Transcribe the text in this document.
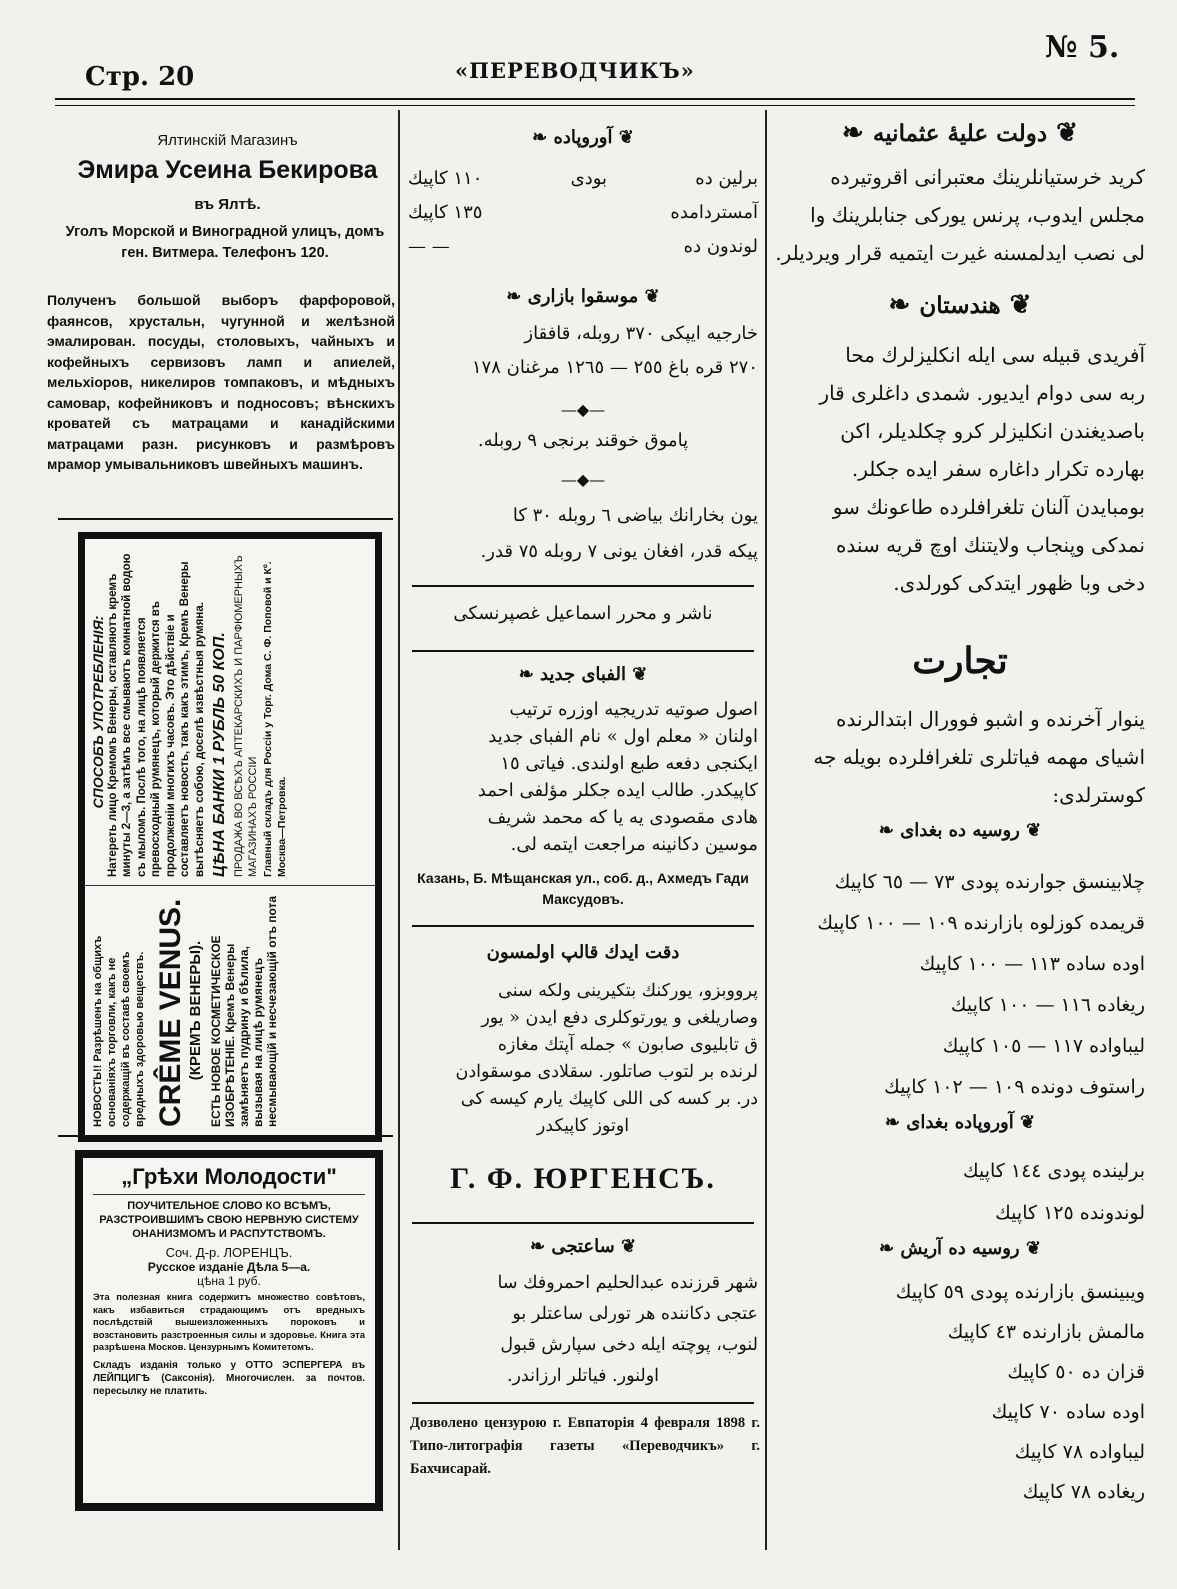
Стр. 20	«ПЕРЕВОДЧИКЪ»
№ 5.
Ялтинскій Магазинъ
Эмира Усеина Бекирова
въ Ялтѣ.
Уголъ Морской и Виноградной улицъ, домъ ген. Витмера. Телефонъ 120.
Полученъ большой выборъ фарфоровой, фаянсов, хрустальн, чугунной и желѣзной эмалирован. посуды, столовыхъ, чайныхъ и кофейныхъ сервизовъ ламп и апиелей, мельхіоров, никелиров томпаковъ, и мѣдныхъ самовар, кофейниковъ и подносовъ; вѣнскихъ кроватей съ матрацами и канадійскими матрацами разн. рисунковъ и размѣровъ мрамор умывальниковъ швейныхъ машинъ.
НОВОСТЬ!! Разрѣшенъ на общихъ основаніяхъ торговли, какъ не содержащій въ составѣ своемъ вредныхъ здоровью веществъ. CRÊME VENUS. (КРЕМЪ ВЕНЕРЫ). ЕСТЬ НОВОЕ КОСМЕТИЧЕСКОЕ ИЗОБРѢТЕНІЕ. Кремъ Венеры замѣняетъ пудрину и бѣлила, вызывая на лицѣ румянецъ несмывающій и несчезающій отъ пота
СПОСОБЪ УПОТРЕБЛЕНІЯ: Натереть лицо Кремомъ Венеры, оставляютъ кремъ минуты 2—3, а затѣмъ все смываютъ комнатной водою съ мыломъ. Послѣ того, на лицѣ появляется превосходный румянецъ, который держится въ продолженіи многихъ часовъ. Это дѣйствіе и составляетъ новость, такъ какъ этимъ, Кремъ Венеры вытѣсняетъ собою, доселѣ извѣстныя румяна. ЦѢНА БАНКИ 1 РУБЛЬ 50 КОП. ПРОДАЖА ВО ВСѢХЪ АПТЕКАРСКИХЪ И ПАРФЮМЕРНЫХЪ МАГАЗИНАХЪ РОССІИ Главный складъ для Россіи у Торг. Дома С. Ф. Поповой и Кº. Москва—Петровка.
„Грѣхи Молодости"
ПОУЧИТЕЛЬНОЕ СЛОВО КО ВСѢМЪ, РАЗСТРОИВШИМЪ СВОЮ НЕРВНУЮ СИСТЕМУ ОНАНИЗМОМЪ И РАСПУТСТВОМЪ.
Соч. Д-р. ЛОРЕНЦЪ.
Русское изданіе Дѣла 5—а.
цѣна 1 руб.
Эта полезная книга содержитъ множество совѣтовъ, какъ избавиться страдающимъ отъ вредныхъ послѣдствій вышеизложенныхъ пороковъ и возстановить разстроенныя силы и здоровье. Книга эта разрѣшена Москов. Цензурнымъ Комитетомъ.
Складъ изданія только у ОТТО ЭСПЕРГЕРА въ ЛЕЙПЦИГѢ (Саксонія). Многочислен. за почтов. пересылку не платить.
❦ آوروپاده ❧
برلين ده
بودى
١١٠ كاپيك
آمستردامده
١٣٥ كاپيك
لوندون ده
— —
❦ موسقوا بازارى ❧
خارجيه ايپكى ٣٧٠ روبله، قافقاز
٢٧٠ قره باغ ٢٥٥ — ١٢٦٥ مرغنان ١٧٨
—◆—
پاموق خوقند برنجى ٩ روبله.
—◆—
يون بخارانك بياضى ٦ روبله ٣٠ كا
پيكه قدر، افغان يونى ٧ روبله ٧٥ قدر.
ناشر و محرر اسماعيل غصپرنسكى
❦ الفباى جديد ❧
اصول صوتيه تدريجيه اوزره ترتيب
اولنان « معلم اول » نام الفباى جديد
ايكنجى دفعه طبع اولندى. فياتى ١٥
كاپيكدر. طالب ايده جكلر مؤلفى احمد
هادى مقصودى يه يا كه محمد شريف
موسين دكانينه مراجعت ايتمه لى.
Казань, Б. Мѣщанская ул., соб. д., Ахмедъ Гади Максудовъ.
دقت ايدك قالپ اولمسون
پرووبزو، يوركنك بتكيرينى ولكه سنى
وصاريلغى و يورتوكلرى دفع ايدن « يور
ق تابليوى صابون » جمله آپتك مغازه
لرنده بر لتوب صاتلور. سقلادى موسقوادن
در. بر كسه كى اللى كاپيك يارم كيسه كى
اوتوز كاپيكدر
Г. Ф. ЮРГЕНСЪ.
❦ ساعتجى ❧
شهر قرزنده عبدالحليم احمروفك سا
عتجى دكاننده هر تورلى ساعتلر بو
لنوب، پوچته ايله دخى سپارش قبول
اولنور. فياتلر ارزاندر.
Дозволено цензурою г. Евпаторія 4 февраля 1898 г. Типо-литографія газеты «Переводчикъ» г. Бахчисарай.
❦ دولت عليهٔ عثمانيه ❧
كريد خرستيانلرينك معتبرانى اقروتيرده
مجلس ايدوب، پرنس يوركى جنابلرينك وا
لى نصب ايدلمسنه غيرت ايتميه قرار ويرديلر.
❦ هندستان ❧
آفريدى قبيله سى ايله انكليزلرك محا
ربه سى دوام ايديور. شمدى داغلرى قار
باصديغندن انكليزلر كرو چكلديلر، اكن
بهارده تكرار داغاره سفر ايده جكلر.
بومبايدن آلنان تلغرافلرده طاعونك سو
نمدكى وپنجاب ولايتنك اوچ قريه سنده
دخى وبا ظهور ايتدكى كورلدى.
تجارت
ينوار آخرنده و اشبو فوورال ابتدالرنده
اشياى مهمه فياتلرى تلغرافلرده بويله جه
كوسترلدى:
❦ روسيه ده بغداى ❧
چلابينسق جوارنده پودى ٧٣ — ٦٥ كاپيك
قريمده كوزلوه بازارنده ١٠٩ — ١٠٠ كاپيك
اوده ساده ١١٣ — ١٠٠ كاپيك
ريغاده ١١٦ — ١٠٠ كاپيك
ليباواده ١١٧ — ١٠٥ كاپيك
راستوف دونده ١٠٩ — ١٠٢ كاپيك
❦ آوروپاده بغداى ❧
برلينده پودى ١٤٤ كاپيك
لوندونده ١٢٥ كاپيك
❦ روسيه ده آريش ❧
ويبينسق بازارنده پودى ٥٩ كاپيك
مالمش بازارنده ٤٣ كاپيك
قزان ده ٥٠ كاپيك
اوده ساده ٧٠ كاپيك
ليباواده ٧٨ كاپيك
ريغاده ٧٨ كاپيك
